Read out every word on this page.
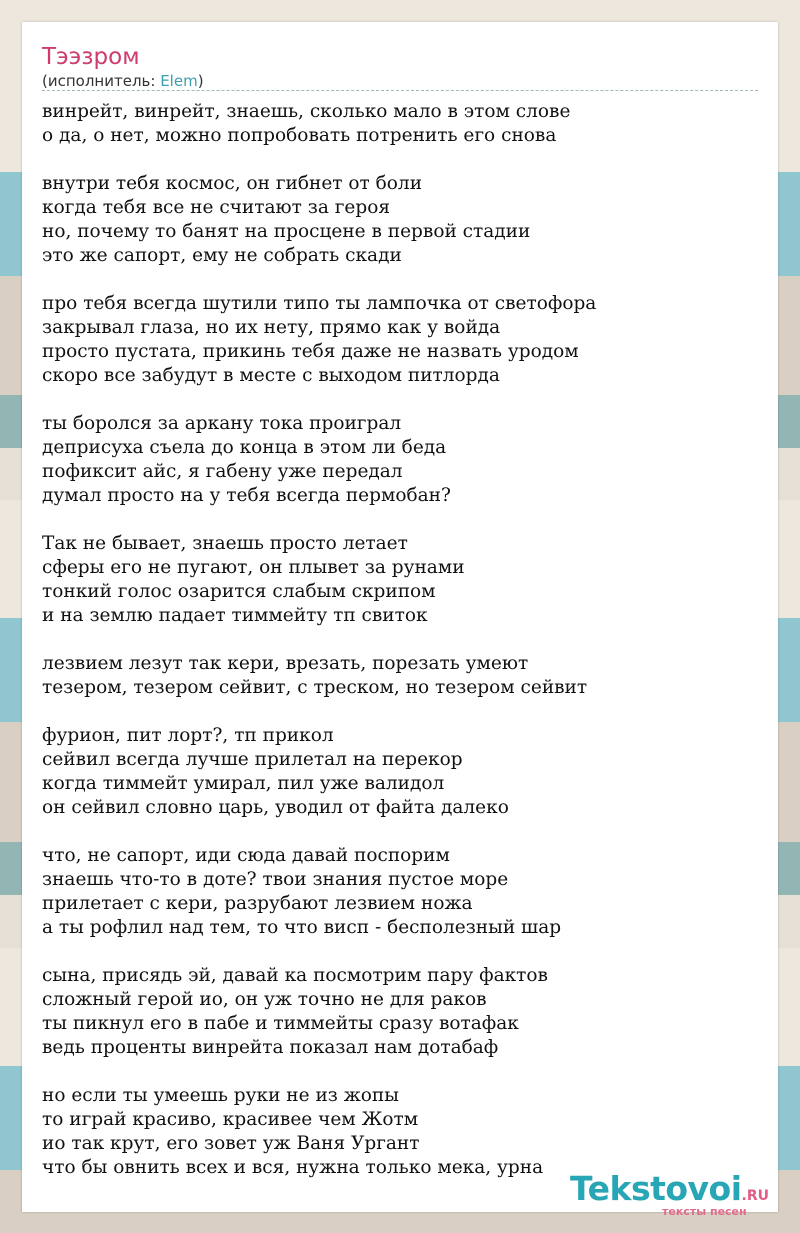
Тээзром
(исполнитель: Elem)
винрейт, винрейт, знаешь, сколько мало в этом слове
о да, о нет, можно попробовать потренить его снова
внутри тебя космос, он гибнет от боли
когда тебя все не считают за героя
но, почему то банят на просцене в первой стадии
это же сапорт, ему не собрать скади
про тебя всегда шутили типо ты лампочка от светофора
закрывал глаза, но их нету, прямо как у войда
просто пустата, прикинь тебя даже не назвать уродом
скоро все забудут в месте с выходом питлорда
ты боролся за аркану тока проиграл
деприсуха съела до конца в этом ли беда
пофиксит айс, я габену уже передал
думал просто на у тебя всегда пермобан?
Так не бывает, знаешь просто летает
сферы его не пугают, он плывет за рунами
тонкий голос озарится слабым скрипом
и на землю падает тиммейту тп свиток
лезвием лезут так кери, врезать, порезать умеют
тезером, тезером сейвит, с треском, но тезером сейвит
фурион, пит лорт?, тп прикол
сейвил всегда лучше прилетал на перекор
когда тиммейт умирал, пил уже валидол
он сейвил словно царь, уводил от файта далеко
что, не сапорт, иди сюда давай поспорим
знаешь что-то в доте? твои знания пустое море
прилетает с кери, разрубают лезвием ножа
а ты рофлил над тем, то что висп - бесполезный шар
сына, присядь эй, давай ка посмотрим пару фактов
сложный герой ио, он уж точно не для раков
ты пикнул его в пабе и тиммейты сразу вотафак
ведь проценты винрейта показал нам дотабаф
но если ты умеешь руки не из жопы
то играй красиво, красивее чем Жотм
ио так крут, его зовет уж Ваня Ургант
что бы овнить всех и вся, нужна только мека, урна
Tekstovoi.RU
тексты песен
